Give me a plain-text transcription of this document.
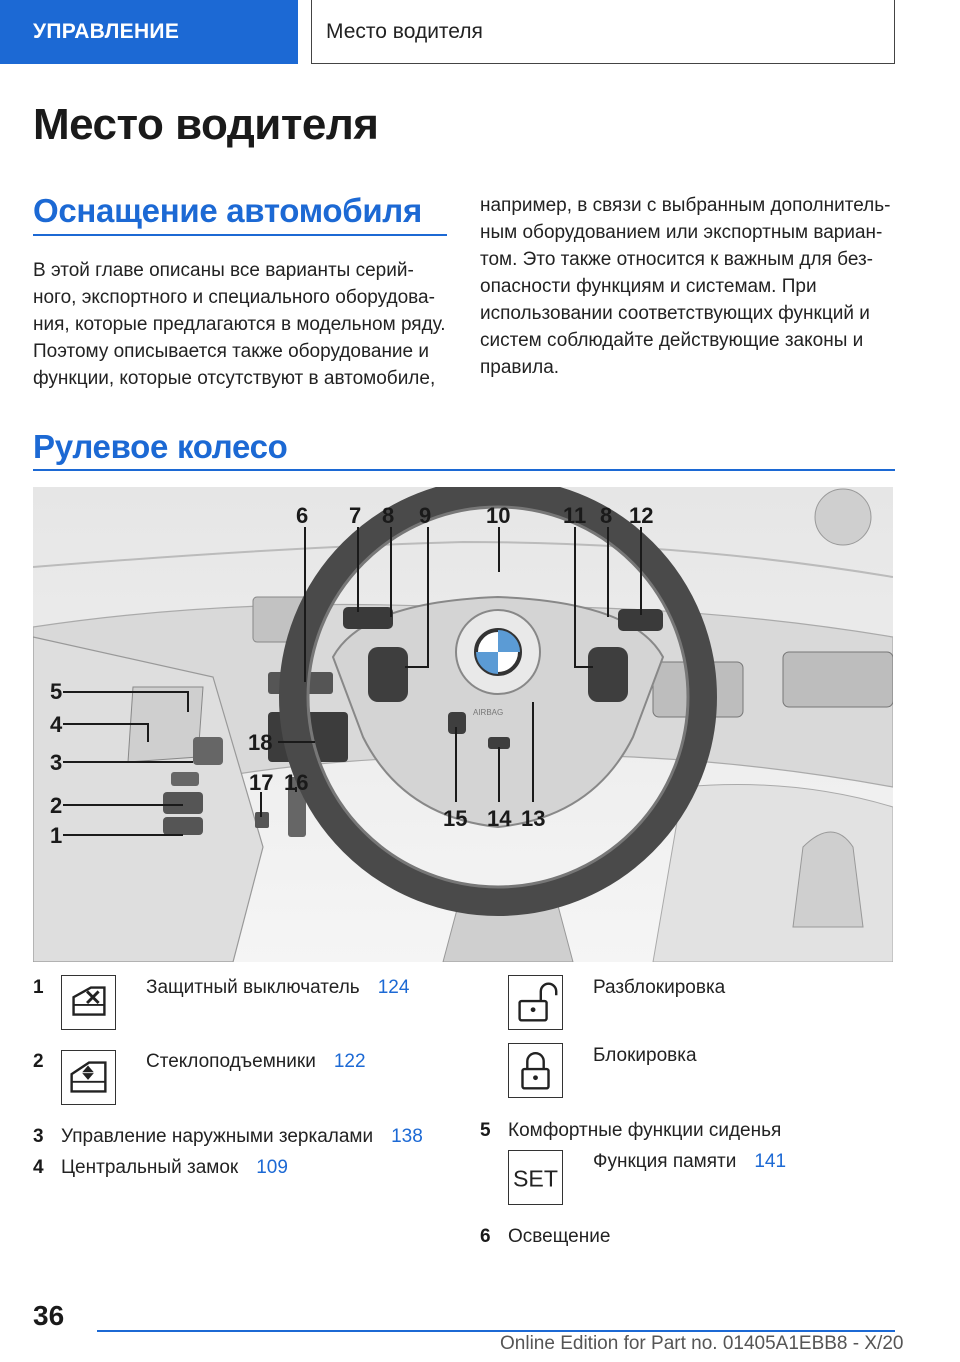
УПРАВЛЕНИЕ	Место водителя
Место водителя
Оснащение автомобиля
В этой главе описаны все варианты серий-
ного, экспортного и специального оборудова-
ния, которые предлагаются в модельном ряду.
Поэтому описывается также оборудование и
функции, которые отсутствуют в автомобиле,
например, в связи с выбранным дополнитель-
ным оборудованием или экспортным вариан-
том. Это также относится к важным для без-
опасности функциям и системам. При
использовании соответствующих функций и
систем соблюдайте действующие законы и
правила.
Рулевое колесо
AIRBAG
6 7 8 9 10 11 8 12
5
4
3
2
1
18
17 16
15 14 13
1	Защитный выключатель 124
2	Стеклоподъемники 122
3 Управление наружными зеркалами 138
4 Центральный замок 109
Разблокировка
Блокировка
5 Комфортные функции сиденья
SET
Функция памяти 141
6 Освещение
36
Online Edition for Part no. 01405A1EBB8 - X/20
